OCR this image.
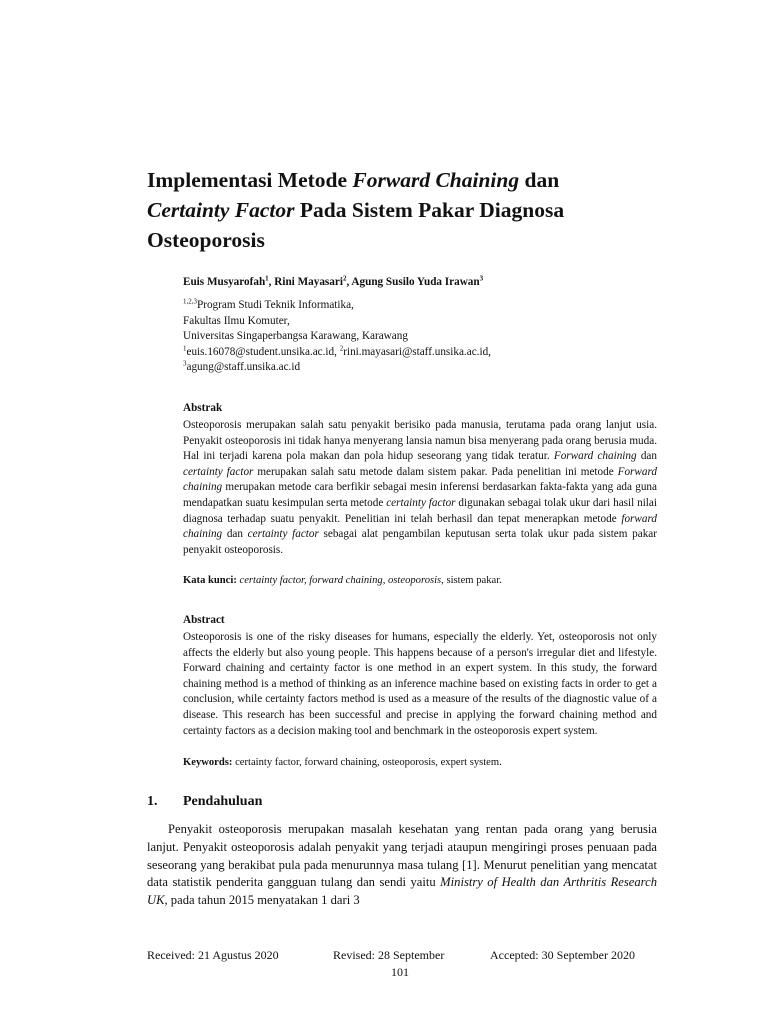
Implementasi Metode Forward Chaining dan
Certainty Factor Pada Sistem Pakar Diagnosa
Osteoporosis
Euis Musyarofah$^1$, Rini Mayasari$^2$, Agung Susilo Yuda Irawan$^3$
$^{1,2,3}$Program Studi Teknik Informatika,
Fakultas Ilmu Komuter,
Universitas Singaperbangsa Karawang, Karawang
$^1$euis.16078@student.unsika.ac.id, $^2$rini.mayasari@staff.unsika.ac.id,
$^3$agung@staff.unsika.ac.id
Abstrak
Osteoporosis merupakan salah satu penyakit berisiko pada manusia, terutama pada orang lanjut usia. Penyakit osteoporosis ini tidak hanya menyerang lansia namun bisa menyerang pada orang berusia muda. Hal ini terjadi karena pola makan dan pola hidup seseorang yang tidak teratur. Forward chaining dan certainty factor merupakan salah satu metode dalam sistem pakar. Pada penelitian ini metode Forward chaining merupakan metode cara berfikir sebagai mesin inferensi berdasarkan fakta-fakta yang ada guna mendapatkan suatu kesimpulan serta metode certainty factor digunakan sebagai tolak ukur dari hasil nilai diagnosa terhadap suatu penyakit. Penelitian ini telah berhasil dan tepat menerapkan metode forward chaining dan certainty factor sebagai alat pengambilan keputusan serta tolak ukur pada sistem pakar penyakit osteoporosis.
Kata kunci: certainty factor, forward chaining, osteoporosis, sistem pakar.
Abstract
Osteoporosis is one of the risky diseases for humans, especially the elderly. Yet, osteoporosis not only affects the elderly but also young people. This happens because of a person's irregular diet and lifestyle. Forward chaining and certainty factor is one method in an expert system. In this study, the forward chaining method is a method of thinking as an inference machine based on existing facts in order to get a conclusion, while certainty factors method is used as a measure of the results of the diagnostic value of a disease. This research has been successful and precise in applying the forward chaining method and certainty factors as a decision making tool and benchmark in the osteoporosis expert system.
Keywords: certainty factor, forward chaining, osteoporosis, expert system.
1. Pendahuluan
Penyakit osteoporosis merupakan masalah kesehatan yang rentan pada orang yang berusia lanjut. Penyakit osteoporosis adalah penyakit yang terjadi ataupun mengiringi proses penuaan pada seseorang yang berakibat pula pada menurunnya masa tulang [1]. Menurut penelitian yang mencatat data statistik penderita gangguan tulang dan sendi yaitu Ministry of Health dan Arthritis Research UK, pada tahun 2015 menyatakan 1 dari 3
Received: 21 Agustus 2020	Revised: 28 September	Accepted: 30 September 2020
101
